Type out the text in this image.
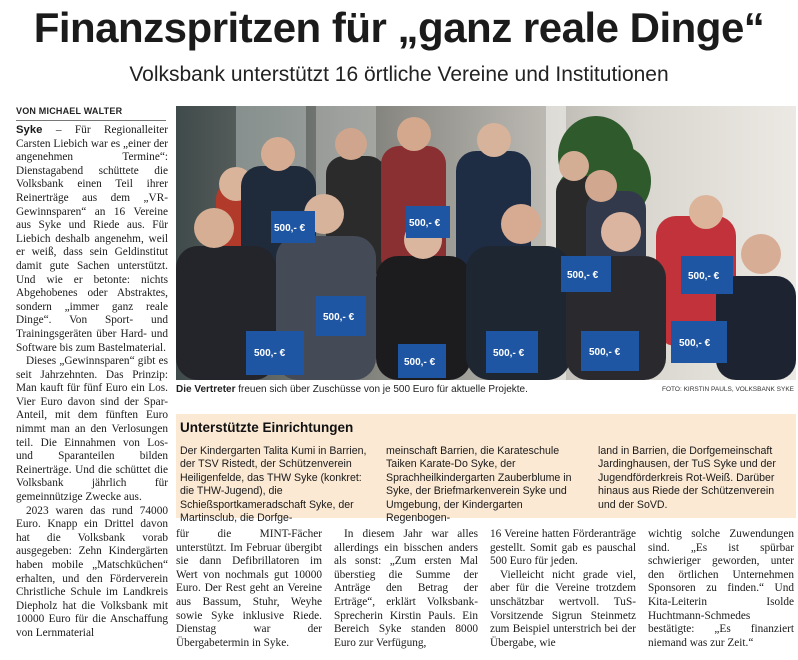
Finanzspritzen für „ganz reale Dinge“
Volksbank unterstützt 16 örtliche Vereine und Institutionen
VON MICHAEL WALTER

Syke – Für Regionalleiter Carsten Liebich war es „einer der angenehmen Termine“: Dienstagabend schüttete die Volksbank einen Teil ihrer Reinerträge aus dem „VR-Gewinnsparen“ an 16 Vereine aus Syke und Riede aus. Für Liebich deshalb angenehm, weil er weiß, dass sein Geldinstitut damit gute Sachen unterstützt. Und wie er betonte: nichts Abgehobenes oder Abstraktes, sondern „immer ganz reale Dinge“. Von Sport- und Trainingsgeräten über Hard- und Software bis zum Bastelmaterial.

Dieses „Gewinnsparen“ gibt es seit Jahrzehnten. Das Prinzip: Man kauft für fünf Euro ein Los. Vier Euro davon sind der Spar-Anteil, mit dem fünften Euro nimmt man an den Verlosungen teil. Die Einnahmen von Los- und Sparanteilen bilden Reinerträge. Und die schüttet die Volksbank jährlich für gemeinnützige Zwecke aus.

2023 waren das rund 74000 Euro. Knapp ein Drittel davon hat die Volksbank vorab ausgegeben: Zehn Kindergärten haben mobile „Matschküchen“ erhalten, und den Förderverein Christliche Schule im Landkreis Diepholz hat die Volksbank mit 10000 Euro für die Anschaffung von Lernmaterial

500,- €
500,- €
500,- €
500,- €	500,- €
500,- €
500,- €
500,- €
500,- €
500,- €
Die Vertreter freuen sich über Zuschüsse von je 500 Euro für aktuelle Projekte.	FOTO: KIRSTIN PAULS, VOLKSBANK SYKE
Unterstützte Einrichtungen

Der Kindergarten Talita Kumi in Barrien, der TSV Ristedt, der Schützenverein Heiligenfelde, das THW Syke (konkret: die THW-Jugend), die Schießsportkameradschaft Syke, der Martinsclub, die Dorfge-

meinschaft Barrien, die Karateschule Taiken Karate-Do Syke, der Sprachheilkindergarten Zauberblume in Syke, der Briefmarkenverein Syke und Umgebung, der Kindergarten Regenbogen-

land in Barrien, die Dorfgemeinschaft Jardinghausen, der TuS Syke und der Jugendförderkreis Rot-Weiß. Darüber hinaus aus Riede der Schützenverein und der SoVD.

für die MINT-Fächer unterstützt. Im Februar übergibt sie dann Defibrillatoren im Wert von nochmals gut 10000 Euro. Der Rest geht an Vereine aus Bassum, Stuhr, Weyhe sowie Syke inklusive Riede. Dienstag war der Übergabetermin in Syke.

In diesem Jahr war alles allerdings ein bisschen anders als sonst: „Zum ersten Mal überstieg die Summe der Anträge den Betrag der Erträge“, erklärt Volksbank-Sprecherin Kirstin Pauls. Ein Bereich Syke standen 8000 Euro zur Verfügung,

16 Vereine hatten Förderanträge gestellt. Somit gab es pauschal 500 Euro für jeden.

Vielleicht nicht grade viel, aber für die Vereine trotzdem unschätzbar wertvoll. TuS-Vorsitzende Sigrun Steinmetz zum Beispiel unterstrich bei der Übergabe, wie

wichtig solche Zuwendungen sind. „Es ist spürbar schwieriger geworden, unter den örtlichen Unternehmen Sponsoren zu finden.“ Und Kita-Leiterin Isolde Huchtmann-Schmedes bestätigte: „Es finanziert niemand was zur Zeit.“
